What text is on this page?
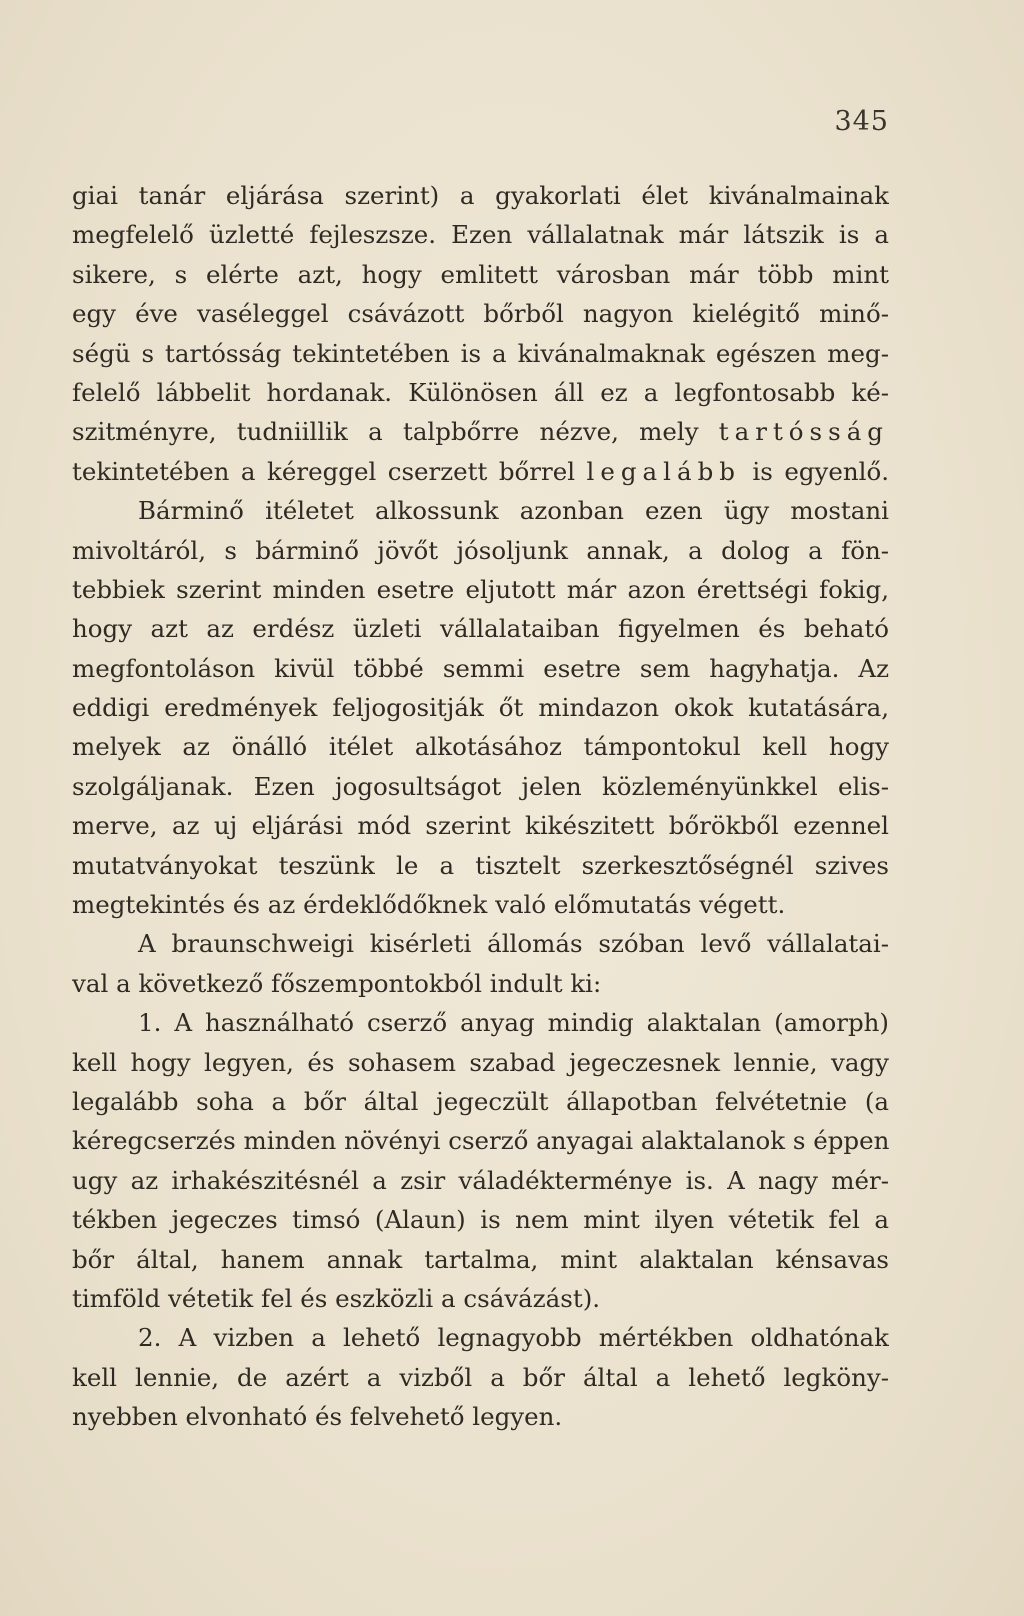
345
giai tanár eljárása szerint) a gyakorlati élet kivánalmainak
megfelelő üzletté fejleszsze. Ezen vállalatnak már látszik is a
sikere, s elérte azt, hogy emlitett városban már több mint
egy éve vaséleggel csávázott bőrből nagyon kielégitő minő-
ségü s tartósság tekintetében is a kivánalmaknak egészen meg-
felelő lábbelit hordanak. Különösen áll ez a legfontosabb ké-
szitményre, tudniillik a talpbőrre nézve, mely tartósság
tekintetében a kéreggel cserzett bőrrel legalább is egyenlő.
Bárminő itéletet alkossunk azonban ezen ügy mostani
mivoltáról, s bárminő jövőt jósoljunk annak, a dolog a fön-
tebbiek szerint minden esetre eljutott már azon érettségi fokig,
hogy azt az erdész üzleti vállalataiban figyelmen és beható
megfontoláson kivül többé semmi esetre sem hagyhatja. Az
eddigi eredmények feljogositják őt mindazon okok kutatására,
melyek az önálló itélet alkotásához támpontokul kell hogy
szolgáljanak. Ezen jogosultságot jelen közleményünkkel elis-
merve, az uj eljárási mód szerint kikészitett bőrökből ezennel
mutatványokat teszünk le a tisztelt szerkesztőségnél szives
megtekintés és az érdeklődőknek való előmutatás végett.
A braunschweigi kisérleti állomás szóban levő vállalatai-
val a következő főszempontokból indult ki:
1. A használható cserző anyag mindig alaktalan (amorph)
kell hogy legyen, és sohasem szabad jegeczesnek lennie, vagy
legalább soha a bőr által jegeczült állapotban felvétetnie (a
kéregcserzés minden növényi cserző anyagai alaktalanok s éppen
ugy az irhakészitésnél a zsir váladékterménye is. A nagy mér-
tékben jegeczes timsó (Alaun) is nem mint ilyen vétetik fel a
bőr által, hanem annak tartalma, mint alaktalan kénsavas
timföld vétetik fel és eszközli a csávázást).
2. A vizben a lehető legnagyobb mértékben oldhatónak
kell lennie, de azért a vizből a bőr által a lehető legköny-
nyebben elvonható és felvehető legyen.
